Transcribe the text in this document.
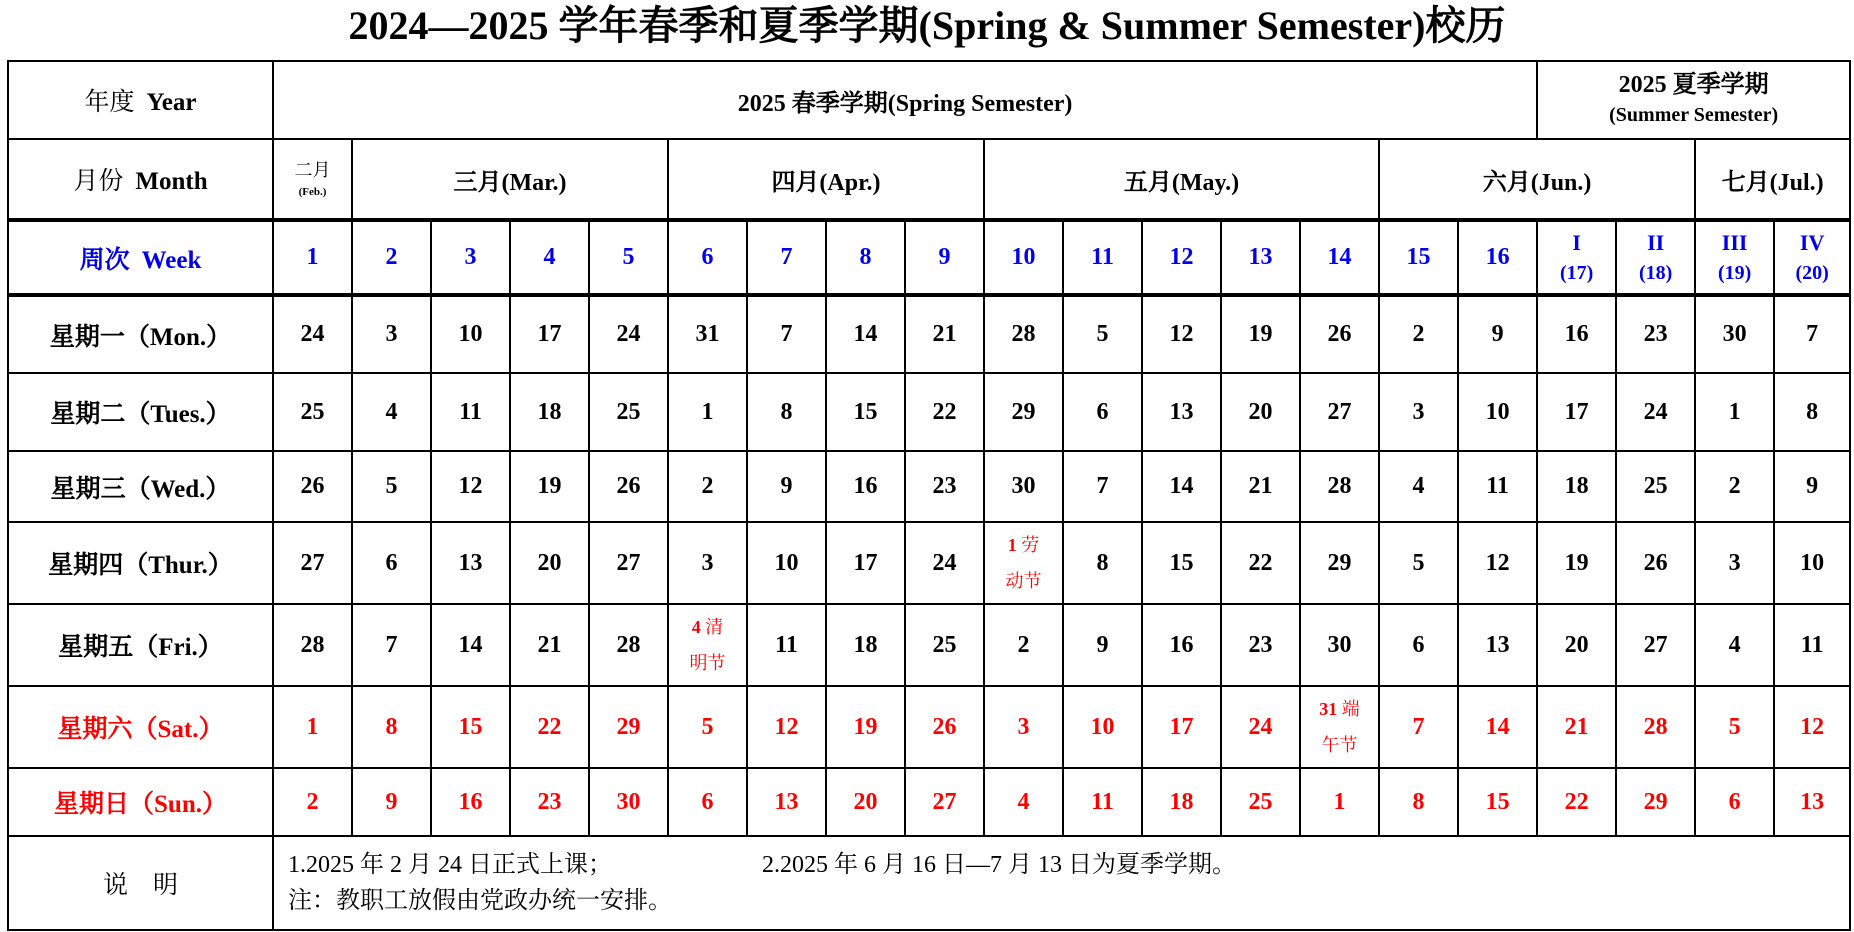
2024—2025 学年春季和夏季学期(Spring & Summer Semester)校历
年度 Year	2025 春季学期(Spring Semester)																2025 夏季学期
(Summer Semester)			

月份 Month	二月
(Feb.)	三月(Mar.)				四月(Apr.)				五月(May.)					六月(Jun.)				七月(Jul.)	
周次 Week	1	2	3	4	5	6	7	8	9	10	11	12	13	14	15	16	I
(17)	II
(18)	III
(19)	IV
(20)

星期一（Mon.）	24	3	10	17	24	31	7	14	21	28	5	12	19	26	2	9	16	23	30	7
星期二（Tues.）	25	4	11	18	25	1	8	15	22	29	6	13	20	27	3	10	17	24	1	8
星期三（Wed.）	26	5	12	19	26	2	9	16	23	30	7	14	21	28	4	11	18	25	2	9
星期四（Thur.）	27	6	13	20	27	3	10	17	24	1 劳
动节	8	15	22	29	5	12	19	26	3	10
星期五（Fri.）	28	7	14	21	28	4 清
明节	11	18	25	2	9	16	23	30	6	13	20	27	4	11
星期六（Sat.）	1	8	15	22	29	5	12	19	26	3	10	17	24	31 端
午节	7	14	21	28	5	12
星期日（Sun.）	2	9	16	23	30	6	13	20	27	4	11	18	25	1	8	15	22	29	6	13
说　明	1.2025 年 2 月 24 日正式上课； 2.2025 年 6 月 16 日—7 月 13 日为夏季学期。
注：教职工放假由党政办统一安排。																			
